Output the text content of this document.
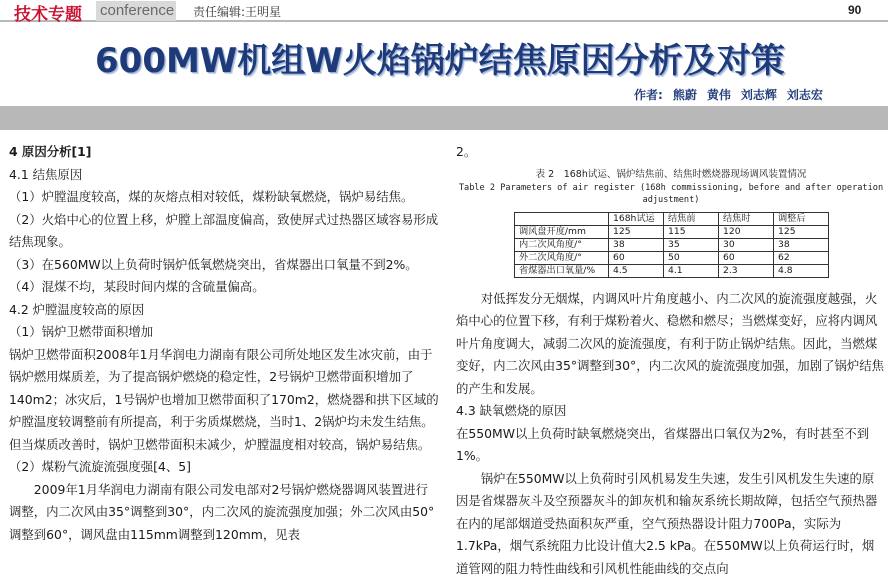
技术专题 conference 责任编辑:王明星	90
600MW机组W火焰锅炉结焦原因分析及对策
作者: 熊蔚 黄伟 刘志辉 刘志宏

4 原因分析[1]

4.1 结焦原因

（1）炉膛温度较高，煤的灰熔点相对较低，煤粉缺氧燃烧，锅炉易结焦。

（2）火焰中心的位置上移，炉膛上部温度偏高，致使屏式过热器区域容易形成结焦现象。

（3）在560MW以上负荷时锅炉低氧燃烧突出，省煤器出口氧量不到2%。

（4）混煤不均，某段时间内煤的含硫量偏高。

4.2 炉膛温度较高的原因

（1）锅炉卫燃带面积增加

锅炉卫燃带面积2008年1月华润电力湖南有限公司所处地区发生冰灾前，由于锅炉燃用煤质差，为了提高锅炉燃烧的稳定性，2号锅炉卫燃带面积增加了140m2；冰灾后，1号锅炉也增加卫燃带面积了170m2，燃烧器和拱下区域的炉膛温度较调整前有所提高，利于劣质煤燃烧，当时1、2锅炉均未发生结焦。但当煤质改善时，锅炉卫燃带面积未减少，炉膛温度相对较高，锅炉易结焦。

（2）煤粉气流旋流强度强[4、5]

2009年1月华润电力湖南有限公司发电部对2号锅炉燃烧器调风装置进行调整，内二次风由35°调整到30°，内二次风的旋流强度加强；外二次风由50°调整到60°，调风盘由115mm调整到120mm，见表

2。

表 2　168h试运、锅炉结焦前、结焦时燃烧器现场调风装置情况
Table 2 Parameters of air register (168h commissioning, before and after operation adjustment)
	168h试运	结焦前	结焦时	调整后
调风盘开度/mm	125	115	120	125
内二次风角度/°	38	35	30	38
外二次风角度/°	60	50	60	62
省煤器出口氧量/%	4.5	4.1	2.3	4.8

对低挥发分无烟煤，内调风叶片角度越小、内二次风的旋流强度越强，火焰中心的位置下移，有利于煤粉着火、稳燃和燃尽；当燃煤变好，应将内调风叶片角度调大，减弱二次风的旋流强度，有利于防止锅炉结焦。因此，当燃煤变好，内二次风由35°调整到30°，内二次风的旋流强度加强，加剧了锅炉结焦的产生和发展。

4.3 缺氧燃烧的原因

在550MW以上负荷时缺氧燃烧突出，省煤器出口氧仅为2%，有时甚至不到1%。

锅炉在550MW以上负荷时引风机易发生失速，发生引风机发生失速的原因是省煤器灰斗及空预器灰斗的卸灰机和输灰系统长期故障，包括空气预热器在内的尾部烟道受热面积灰严重，空气预热器设计阻力700Pa，实际为1.7kPa，烟气系统阻力比设计值大2.5 kPa。在550MW以上负荷运行时，烟道管网的阻力特性曲线和引风机性能曲线的交点向
